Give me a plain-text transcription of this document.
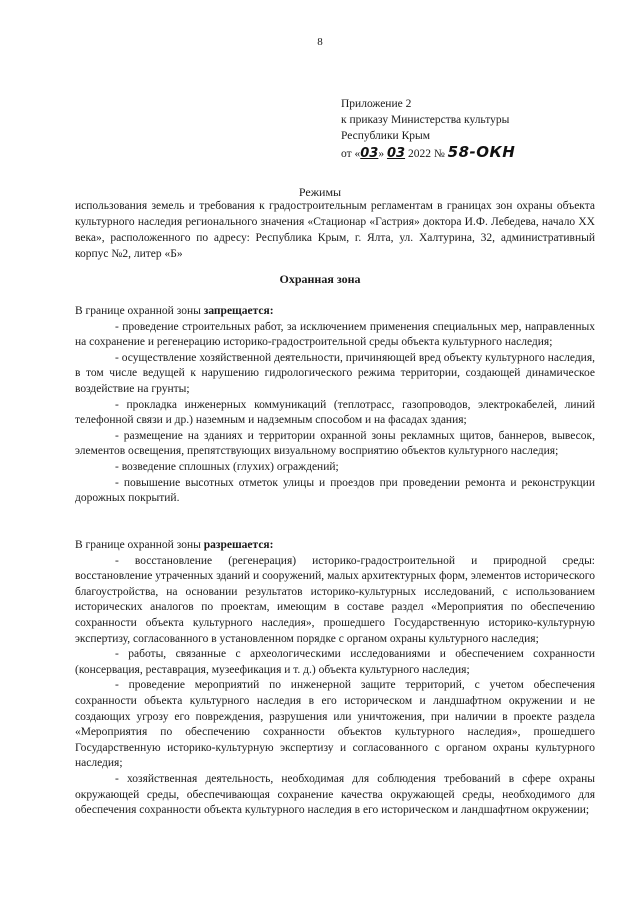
8
Приложение 2
к приказу Министерства культуры
Республики Крым
от «03» 03 2022 № 58-ОКН
Режимы
использования земель и требования к градостроительным регламентам в границах зон охраны объекта культурного наследия регионального значения «Стационар «Гастрия» доктора И.Ф. Лебедева, начало XX века», расположенного по адресу: Республика Крым, г. Ялта, ул. Халтурина, 32, административный корпус №2, литер «Б»
Охранная зона

В границе охранной зоны запрещается:

- проведение строительных работ, за исключением применения специальных мер, направленных на сохранение и регенерацию историко-градостроительной среды объекта культурного наследия;

- осуществление хозяйственной деятельности, причиняющей вред объекту культурного наследия, в том числе ведущей к нарушению гидрологического режима территории, создающей динамическое воздействие на грунты;

- прокладка инженерных коммуникаций (теплотрасс, газопроводов, электрокабелей, линий телефонной связи и др.) наземным и надземным способом и на фасадах здания;

- размещение на зданиях и территории охранной зоны рекламных щитов, баннеров, вывесок, элементов освещения, препятствующих визуальному восприятию объектов культурного наследия;

- возведение сплошных (глухих) ограждений;

- повышение высотных отметок улицы и проездов при проведении ремонта и реконструкции дорожных покрытий.

В границе охранной зоны разрешается:

- восстановление (регенерация) историко-градостроительной и природной среды: восстановление утраченных зданий и сооружений, малых архитектурных форм, элементов исторического благоустройства, на основании результатов историко-культурных исследований, с использованием исторических аналогов по проектам, имеющим в составе раздел «Мероприятия по обеспечению сохранности объекта культурного наследия», прошедшего Государственную историко-культурную экспертизу, согласованного в установленном порядке с органом охраны культурного наследия;

- работы, связанные с археологическими исследованиями и обеспечением сохранности (консервация, реставрация, музеефикация и т. д.) объекта культурного наследия;

- проведение мероприятий по инженерной защите территорий, с учетом обеспечения сохранности объекта культурного наследия в его историческом и ландшафтном окружении и не создающих угрозу его повреждения, разрушения или уничтожения, при наличии в проекте раздела «Мероприятия по обеспечению сохранности объектов культурного наследия», прошедшего Государственную историко-культурную экспертизу и согласованного с органом охраны культурного наследия;

- хозяйственная деятельность, необходимая для соблюдения требований в сфере охраны окружающей среды, обеспечивающая сохранение качества окружающей среды, необходимого для обеспечения сохранности объекта культурного наследия в его историческом и ландшафтном окружении;
